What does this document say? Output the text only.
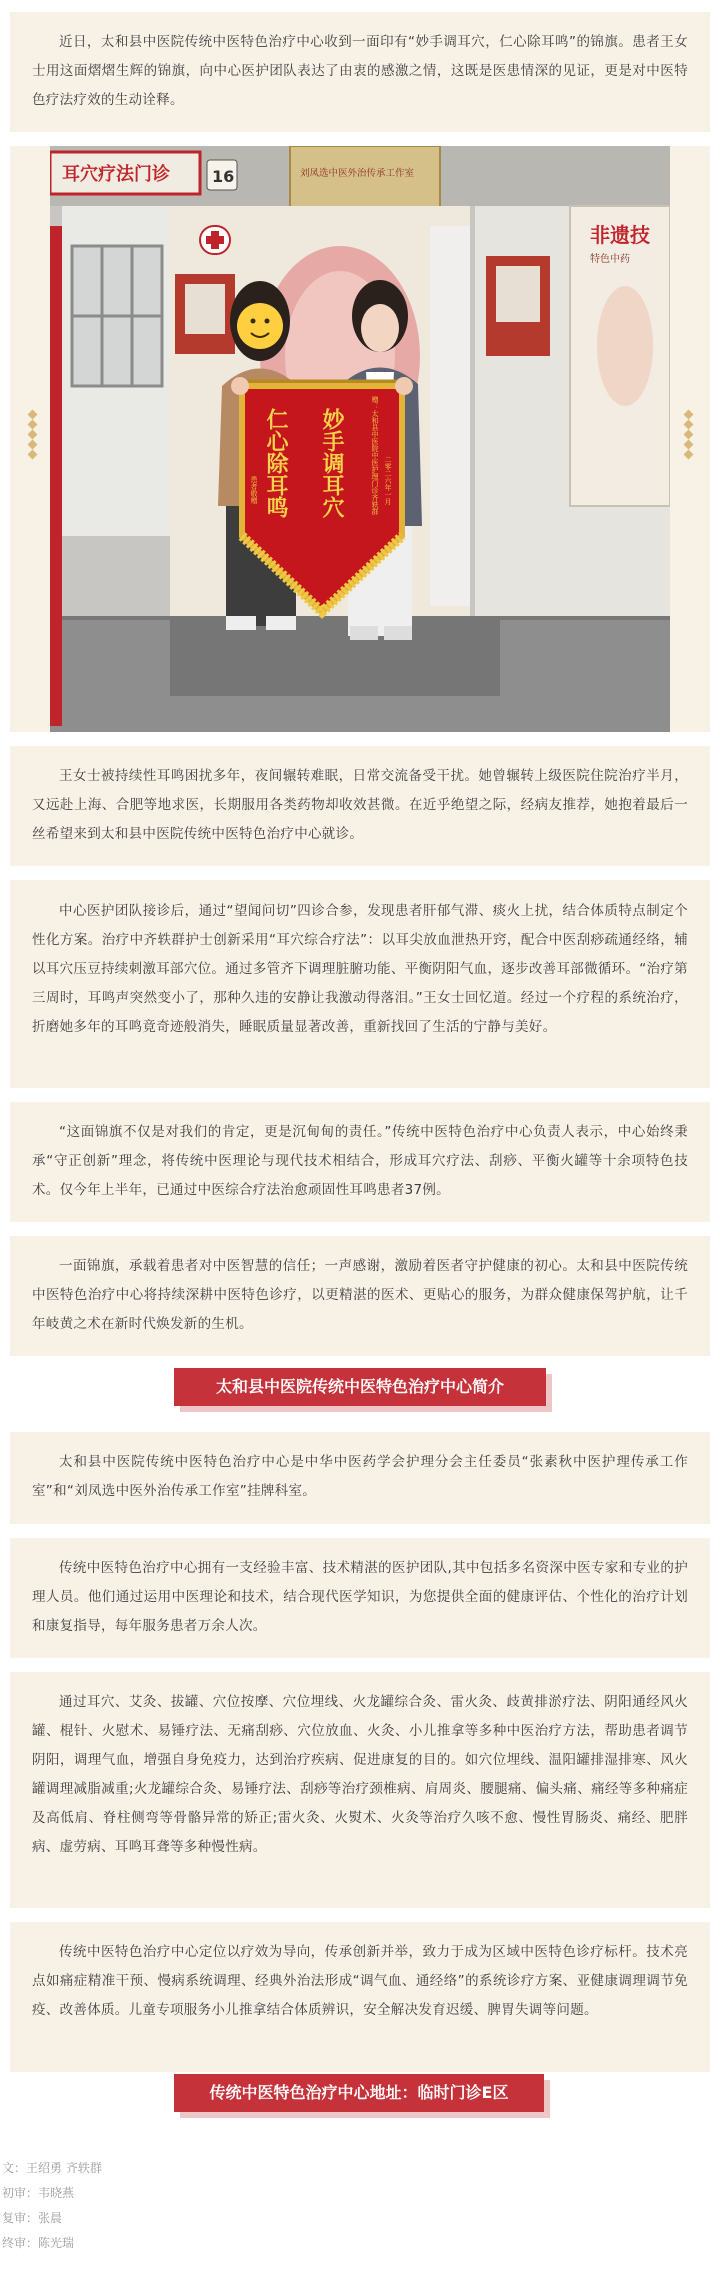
近日，太和县中医院传统中医特色治疗中心收到一面印有“妙手调耳穴，仁心除耳鸣”的锦旗。患者王女士用这面熠熠生辉的锦旗，向中心医护团队表达了由衷的感激之情，这既是医患情深的见证，更是对中医特色疗法疗效的生动诠释。

耳穴疗法门诊	16	刘凤选中医外治传承工作室
非遗技
特色中药
妙手调耳穴
仁心除耳鸣	赠：太和县中医院中医护理门诊齐轶群 二零二六年一月
患者敬赠

王女士被持续性耳鸣困扰多年，夜间辗转难眠，日常交流备受干扰。她曾辗转上级医院住院治疗半月，又远赴上海、合肥等地求医，长期服用各类药物却收效甚微。在近乎绝望之际，经病友推荐，她抱着最后一丝希望来到太和县中医院传统中医特色治疗中心就诊。

中心医护团队接诊后，通过“望闻问切”四诊合参，发现患者肝郁气滞、痰火上扰，结合体质特点制定个性化方案。治疗中齐轶群护士创新采用“耳穴综合疗法”：以耳尖放血泄热开窍，配合中医刮痧疏通经络，辅以耳穴压豆持续刺激耳部穴位。通过多管齐下调理脏腑功能、平衡阴阳气血，逐步改善耳部微循环。“治疗第三周时，耳鸣声突然变小了，那种久违的安静让我激动得落泪。”王女士回忆道。经过一个疗程的系统治疗，折磨她多年的耳鸣竟奇迹般消失，睡眠质量显著改善，重新找回了生活的宁静与美好。

“这面锦旗不仅是对我们的肯定，更是沉甸甸的责任。”传统中医特色治疗中心负责人表示，中心始终秉承“守正创新”理念，将传统中医理论与现代技术相结合，形成耳穴疗法、刮痧、平衡火罐等十余项特色技术。仅今年上半年，已通过中医综合疗法治愈顽固性耳鸣患者37例。

一面锦旗，承载着患者对中医智慧的信任；一声感谢，激励着医者守护健康的初心。太和县中医院传统中医特色治疗中心将持续深耕中医特色诊疗，以更精湛的医术、更贴心的服务，为群众健康保驾护航，让千年岐黄之术在新时代焕发新的生机。

太和县中医院传统中医特色治疗中心简介

太和县中医院传统中医特色治疗中心是中华中医药学会护理分会主任委员“张素秋中医护理传承工作室”和“刘凤选中医外治传承工作室”挂牌科室。

传统中医特色治疗中心拥有一支经验丰富、技术精湛的医护团队,其中包括多名资深中医专家和专业的护理人员。他们通过运用中医理论和技术，结合现代医学知识，为您提供全面的健康评估、个性化的治疗计划和康复指导，每年服务患者万余人次。

通过耳穴、艾灸、拔罐、穴位按摩、穴位埋线、火龙罐综合灸、雷火灸、歧黄排淤疗法、阴阳通经风火罐、棍针、火慰术、易锤疗法、无痛刮痧、穴位放血、火灸、小儿推拿等多种中医治疗方法，帮助患者调节阴阳，调理气血，增强自身免疫力，达到治疗疾病、促进康复的目的。如穴位埋线、温阳罐排湿排寒、风火罐调理减脂减重;火龙罐综合灸、易锤疗法、刮痧等治疗颈椎病、肩周炎、腰腿痛、偏头痛、痛经等多种痛症及高低肩、脊柱侧弯等骨骼异常的矫正;雷火灸、火熨术、火灸等治疗久咳不愈、慢性胃肠炎、痛经、肥胖病、虚劳病、耳鸣耳聋等多种慢性病。

传统中医特色治疗中心定位以疗效为导向，传承创新并举，致力于成为区域中医特色诊疗标杆。技术亮点如痛症精准干预、慢病系统调理、经典外治法形成“调气血、通经络”的系统诊疗方案、亚健康调理调节免疫、改善体质。儿童专项服务小儿推拿结合体质辨识，安全解决发育迟缓、脾胃失调等问题。

传统中医特色治疗中心地址：临时门诊E区
文：王绍勇 齐轶群
初审：韦晓燕
复审：张晨
终审：陈光瑞
